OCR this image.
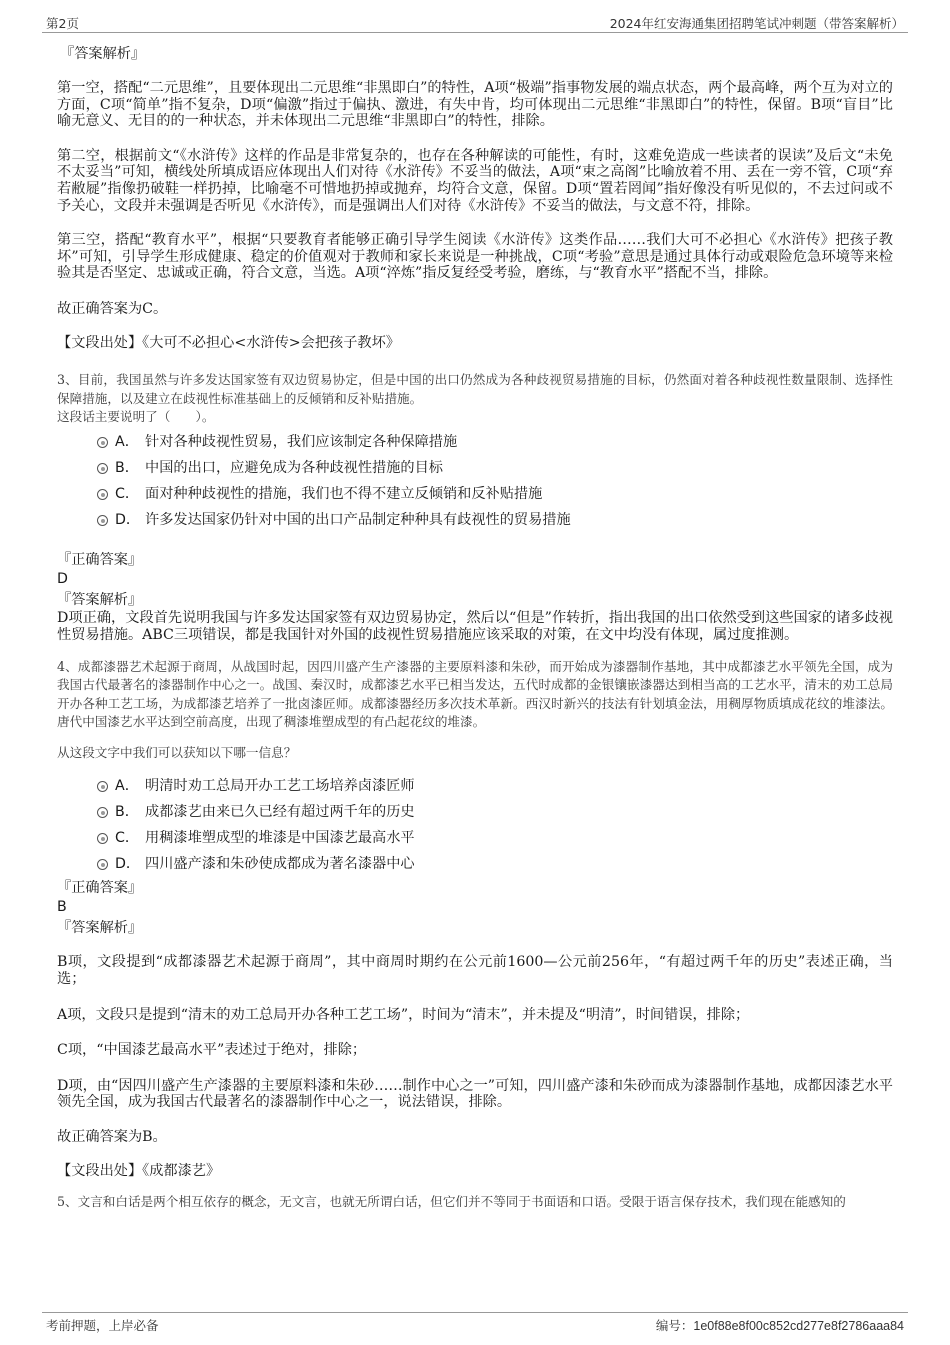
第2页	2024年红安海通集团招聘笔试冲刺题（带答案解析）

『答案解析』

第一空，搭配“二元思维”，且要体现出二元思维“非黑即白”的特性，A项“极端”指事物发展的端点状态，两个最高峰，两个互为对立的方面，C项“简单”指不复杂，D项“偏激”指过于偏执、激进，有失中肯，均可体现出二元思维“非黑即白”的特性，保留。B项“盲目”比喻无意义、无目的的一种状态，并未体现出二元思维“非黑即白”的特性，排除。

第二空，根据前文“《水浒传》这样的作品是非常复杂的，也存在各种解读的可能性，有时，这难免造成一些读者的误读”及后文“未免不太妥当”可知，横线处所填成语应体现出人们对待《水浒传》不妥当的做法，A项“束之高阁”比喻放着不用、丢在一旁不管，C项“弃若敝屣”指像扔破鞋一样扔掉，比喻毫不可惜地扔掉或抛弃，均符合文意，保留。D项“置若罔闻”指好像没有听见似的，不去过问或不予关心，文段并未强调是否听见《水浒传》，而是强调出人们对待《水浒传》不妥当的做法，与文意不符，排除。

第三空，搭配“教育水平”，根据“只要教育者能够正确引导学生阅读《水浒传》这类作品……我们大可不必担心《水浒传》把孩子教坏”可知，引导学生形成健康、稳定的价值观对于教师和家长来说是一种挑战，C项“考验”意思是通过具体行动或艰险危急环境等来检验其是否坚定、忠诚或正确，符合文意，当选。A项“淬炼”指反复经受考验，磨练，与“教育水平”搭配不当，排除。

故正确答案为C。

【文段出处】《大可不必担心<水浒传>会把孩子教坏》

3、目前，我国虽然与许多发达国家签有双边贸易协定，但是中国的出口仍然成为各种歧视贸易措施的目标，仍然面对着各种歧视性数量限制、选择性保障措施，以及建立在歧视性标准基础上的反倾销和反补贴措施。

这段话主要说明了（　　）。

A． 针对各种歧视性贸易，我们应该制定各种保障措施
B． 中国的出口，应避免成为各种歧视性措施的目标
C． 面对种种歧视性的措施，我们也不得不建立反倾销和反补贴措施
D． 许多发达国家仍针对中国的出口产品制定种种具有歧视性的贸易措施

『正确答案』

D

『答案解析』

D项正确，文段首先说明我国与许多发达国家签有双边贸易协定，然后以“但是”作转折，指出我国的出口依然受到这些国家的诸多歧视性贸易措施。ABC三项错误，都是我国针对外国的歧视性贸易措施应该采取的对策，在文中均没有体现，属过度推测。

4、成都漆器艺术起源于商周，从战国时起，因四川盛产生产漆器的主要原料漆和朱砂，而开始成为漆器制作基地，其中成都漆艺水平领先全国，成为我国古代最著名的漆器制作中心之一。战国、秦汉时，成都漆艺水平已相当发达，五代时成都的金银镶嵌漆器达到相当高的工艺水平，清末的劝工总局开办各种工艺工场，为成都漆艺培养了一批卤漆匠师。成都漆器经历多次技术革新。西汉时新兴的技法有针划填金法，用稠厚物质填成花纹的堆漆法。唐代中国漆艺水平达到空前高度，出现了稠漆堆塑成型的有凸起花纹的堆漆。

从这段文字中我们可以获知以下哪一信息？

A． 明清时劝工总局开办工艺工场培养卤漆匠师
B． 成都漆艺由来已久已经有超过两千年的历史
C． 用稠漆堆塑成型的堆漆是中国漆艺最高水平
D． 四川盛产漆和朱砂使成都成为著名漆器中心

『正确答案』

B

『答案解析』

B项，文段提到“成都漆器艺术起源于商周”，其中商周时期约在公元前1600—公元前256年，“有超过两千年的历史”表述正确，当选；

A项，文段只是提到“清末的劝工总局开办各种工艺工场”，时间为“清末”，并未提及“明清”，时间错误，排除；

C项，“中国漆艺最高水平”表述过于绝对，排除；

D项，由“因四川盛产生产漆器的主要原料漆和朱砂……制作中心之一”可知，四川盛产漆和朱砂而成为漆器制作基地，成都因漆艺水平领先全国，成为我国古代最著名的漆器制作中心之一，说法错误，排除。

故正确答案为B。

【文段出处】《成都漆艺》

5、文言和白话是两个相互依存的概念，无文言，也就无所谓白话，但它们并不等同于书面语和口语。受限于语言保存技术，我们现在能感知的

考前押题，上岸必备	编号：1e0f88e8f00c852cd277e8f2786aaa84
